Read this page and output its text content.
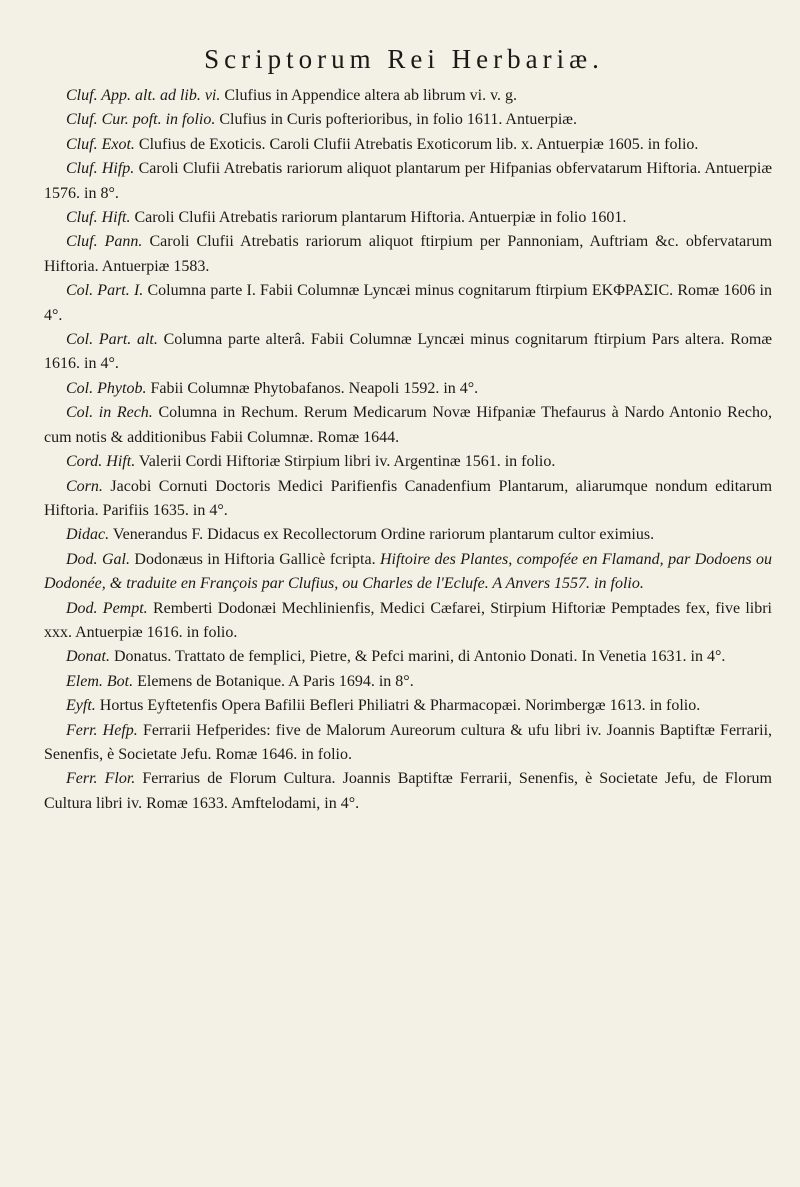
Scriptorum Rei Herbariæ.

Cluf. App. alt. ad lib. vi. Clufius in Appendice altera ab librum vi. v. g.

Cluf. Cur. poft. in folio. Clufius in Curis pofterioribus, in folio 1611. Antuerpiæ.

Cluf. Exot. Clufius de Exoticis. Caroli Clufii Atrebatis Exoticorum lib. x. Antuerpiæ 1605. in folio.

Cluf. Hifp. Caroli Clufii Atrebatis rariorum aliquot plantarum per Hifpanias obfervatarum Hiftoria. Antuerpiæ 1576. in 8°.

Cluf. Hift. Caroli Clufii Atrebatis rariorum plantarum Hiftoria. Antuerpiæ in folio 1601.

Cluf. Pann. Caroli Clufii Atrebatis rariorum aliquot ftirpium per Pannoniam, Auftriam &c. obfervatarum Hiftoria. Antuerpiæ 1583.

Col. Part. I. Columna parte I. Fabii Columnæ Lyncæi minus cognitarum ftirpium EKΦPAΣIC. Romæ 1606 in 4°.

Col. Part. alt. Columna parte alterâ. Fabii Columnæ Lyncæi minus cognitarum ftirpium Pars altera. Romæ 1616. in 4°.

Col. Phytob. Fabii Columnæ Phytobafanos. Neapoli 1592. in 4°.

Col. in Rech. Columna in Rechum. Rerum Medicarum Novæ Hifpaniæ Thefaurus à Nardo Antonio Recho, cum notis & additionibus Fabii Columnæ. Romæ 1644.

Cord. Hift. Valerii Cordi Hiftoriæ Stirpium libri iv. Argentinæ 1561. in folio.

Corn. Jacobi Cornuti Doctoris Medici Parifienfis Canadenfium Plantarum, aliarumque nondum editarum Hiftoria. Parifiis 1635. in 4°.

Didac. Venerandus F. Didacus ex Recollectorum Ordine rariorum plantarum cultor eximius.

Dod. Gal. Dodonæus in Hiftoria Gallicè fcripta. Hiftoire des Plantes, compofée en Flamand, par Dodoens ou Dodonée, & traduite en François par Clufius, ou Charles de l'Eclufe. A Anvers 1557. in folio.

Dod. Pempt. Remberti Dodonæi Mechlinienfis, Medici Cæfarei, Stirpium Hiftoriæ Pemptades fex, five libri xxx. Antuerpiæ 1616. in folio.

Donat. Donatus. Trattato de femplici, Pietre, & Pefci marini, di Antonio Donati. In Venetia 1631. in 4°.

Elem. Bot. Elemens de Botanique. A Paris 1694. in 8°.

Eyft. Hortus Eyftetenfis Opera Bafilii Befleri Philiatri & Pharmacopæi. Norimbergæ 1613. in folio.

Ferr. Hefp. Ferrarii Hefperides: five de Malorum Aureorum cultura & ufu libri iv. Joannis Baptiftæ Ferrarii, Senenfis, è Societate Jefu. Romæ 1646. in folio.

Ferr. Flor. Ferrarius de Florum Cultura. Joannis Baptiftæ Ferrarii, Senenfis, è Societate Jefu, de Florum Cultura libri iv. Romæ 1633. Amftelodami, in 4°.
